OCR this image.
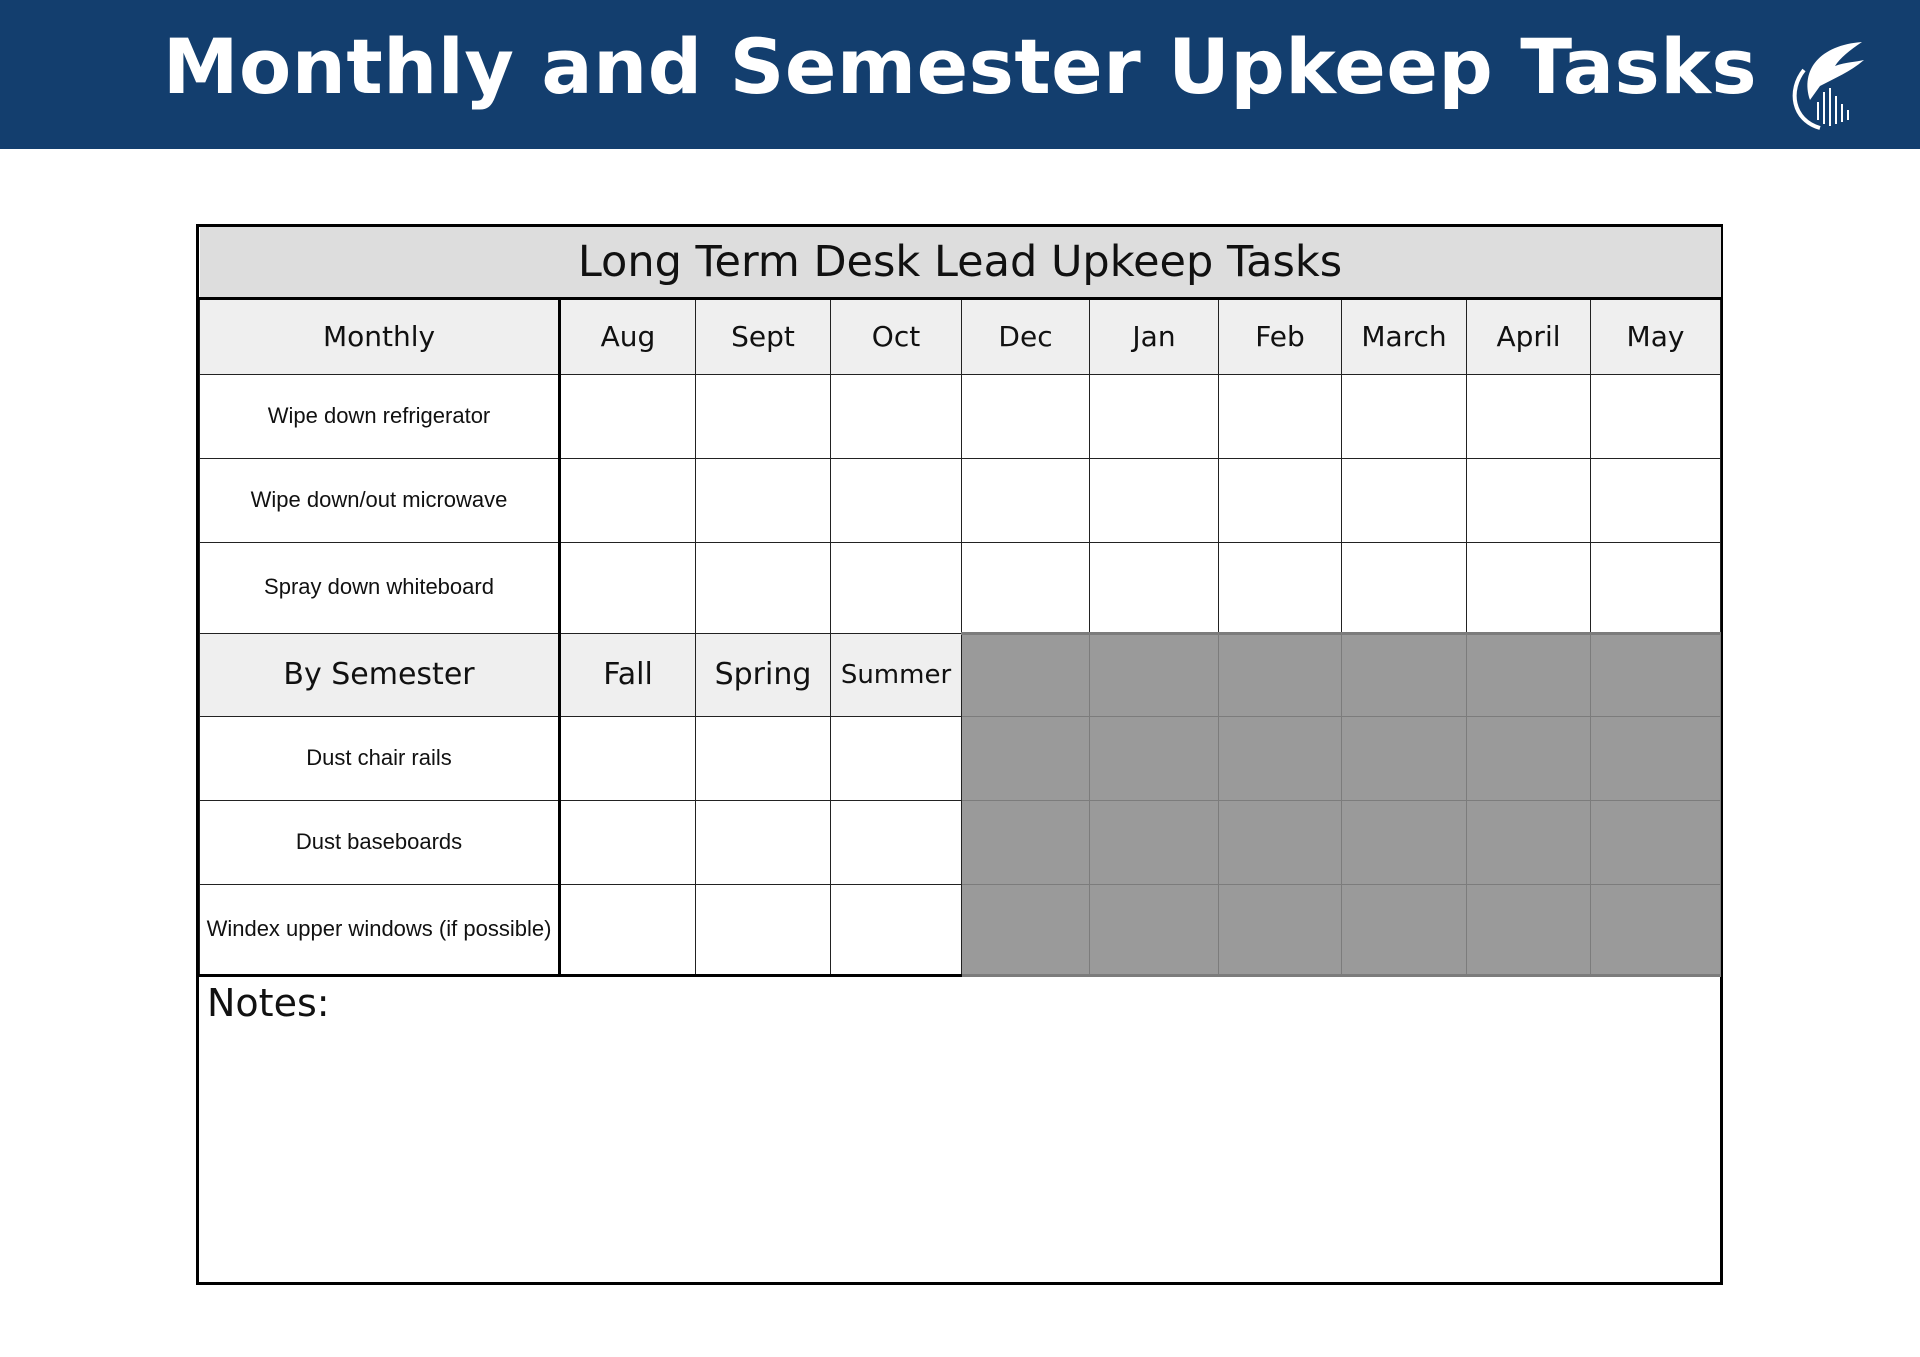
Monthly and Semester Upkeep Tasks
Long Term Desk Lead Upkeep Tasks									
Monthly	Aug	Sept	Oct	Dec	Jan	Feb	March	April	May
Wipe down refrigerator									
Wipe down/out microwave									
Spray down whiteboard									
By Semester	Fall	Spring	Summer						
Dust chair rails									
Dust baseboards									
Windex upper windows (if possible)									
Notes:
